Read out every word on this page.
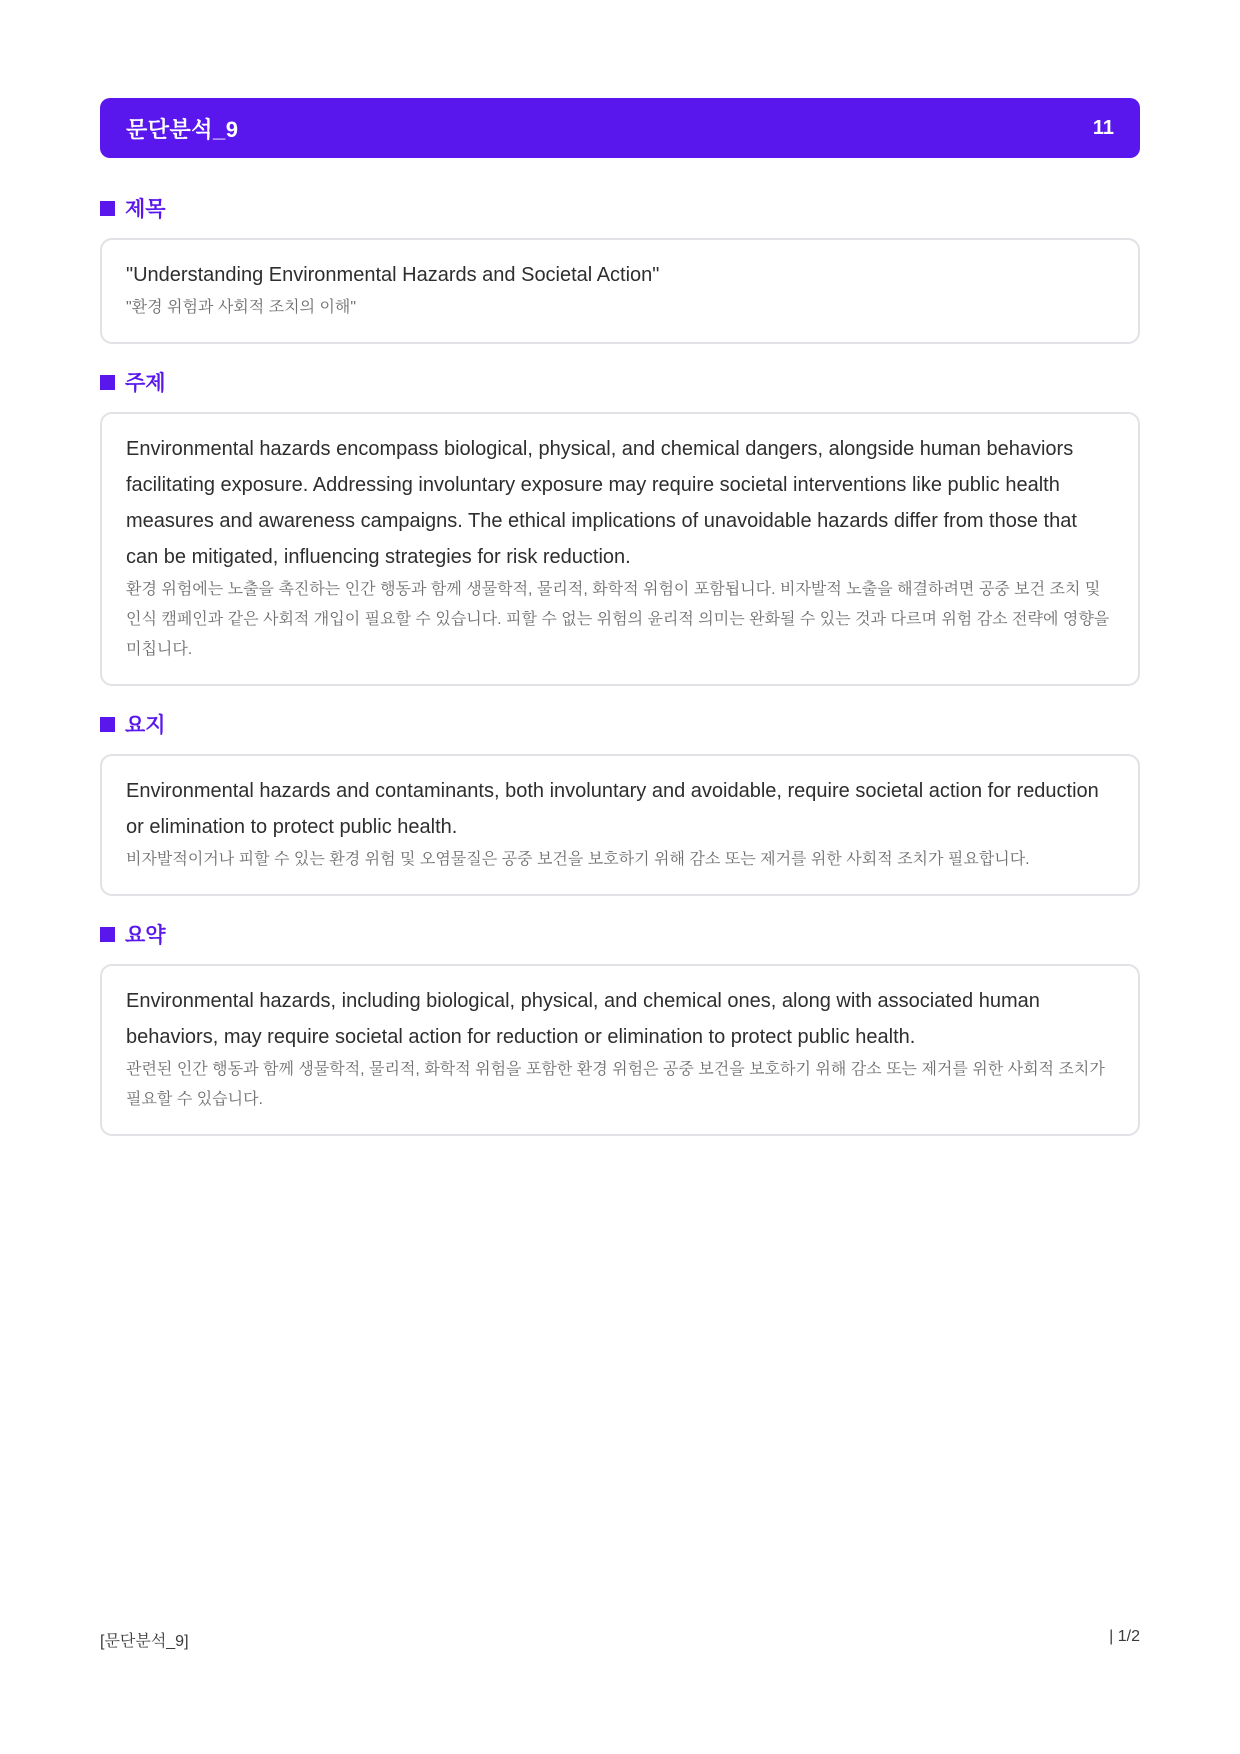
문단분석_9	11
제목

"Understanding Environmental Hazards and Societal Action"

"환경 위험과 사회적 조치의 이해"

주제

Environmental hazards encompass biological, physical, and chemical dangers, alongside human behaviors facilitating exposure. Addressing involuntary exposure may require societal interventions like public health measures and awareness campaigns. The ethical implications of unavoidable hazards differ from those that can be mitigated, influencing strategies for risk reduction.

환경 위험에는 노출을 촉진하는 인간 행동과 함께 생물학적, 물리적, 화학적 위험이 포함됩니다. 비자발적 노출을 해결하려면 공중 보건 조치 및 인식 캠페인과 같은 사회적 개입이 필요할 수 있습니다. 피할 수 없는 위험의 윤리적 의미는 완화될 수 있는 것과 다르며 위험 감소 전략에 영향을 미칩니다.

요지

Environmental hazards and contaminants, both involuntary and avoidable, require societal action for reduction or elimination to protect public health.

비자발적이거나 피할 수 있는 환경 위험 및 오염물질은 공중 보건을 보호하기 위해 감소 또는 제거를 위한 사회적 조치가 필요합니다.

요약

Environmental hazards, including biological, physical, and chemical ones, along with associated human behaviors, may require societal action for reduction or elimination to protect public health.

관련된 인간 행동과 함께 생물학적, 물리적, 화학적 위험을 포함한 환경 위험은 공중 보건을 보호하기 위해 감소 또는 제거를 위한 사회적 조치가 필요할 수 있습니다.

[문단분석_9]	| 1/2
